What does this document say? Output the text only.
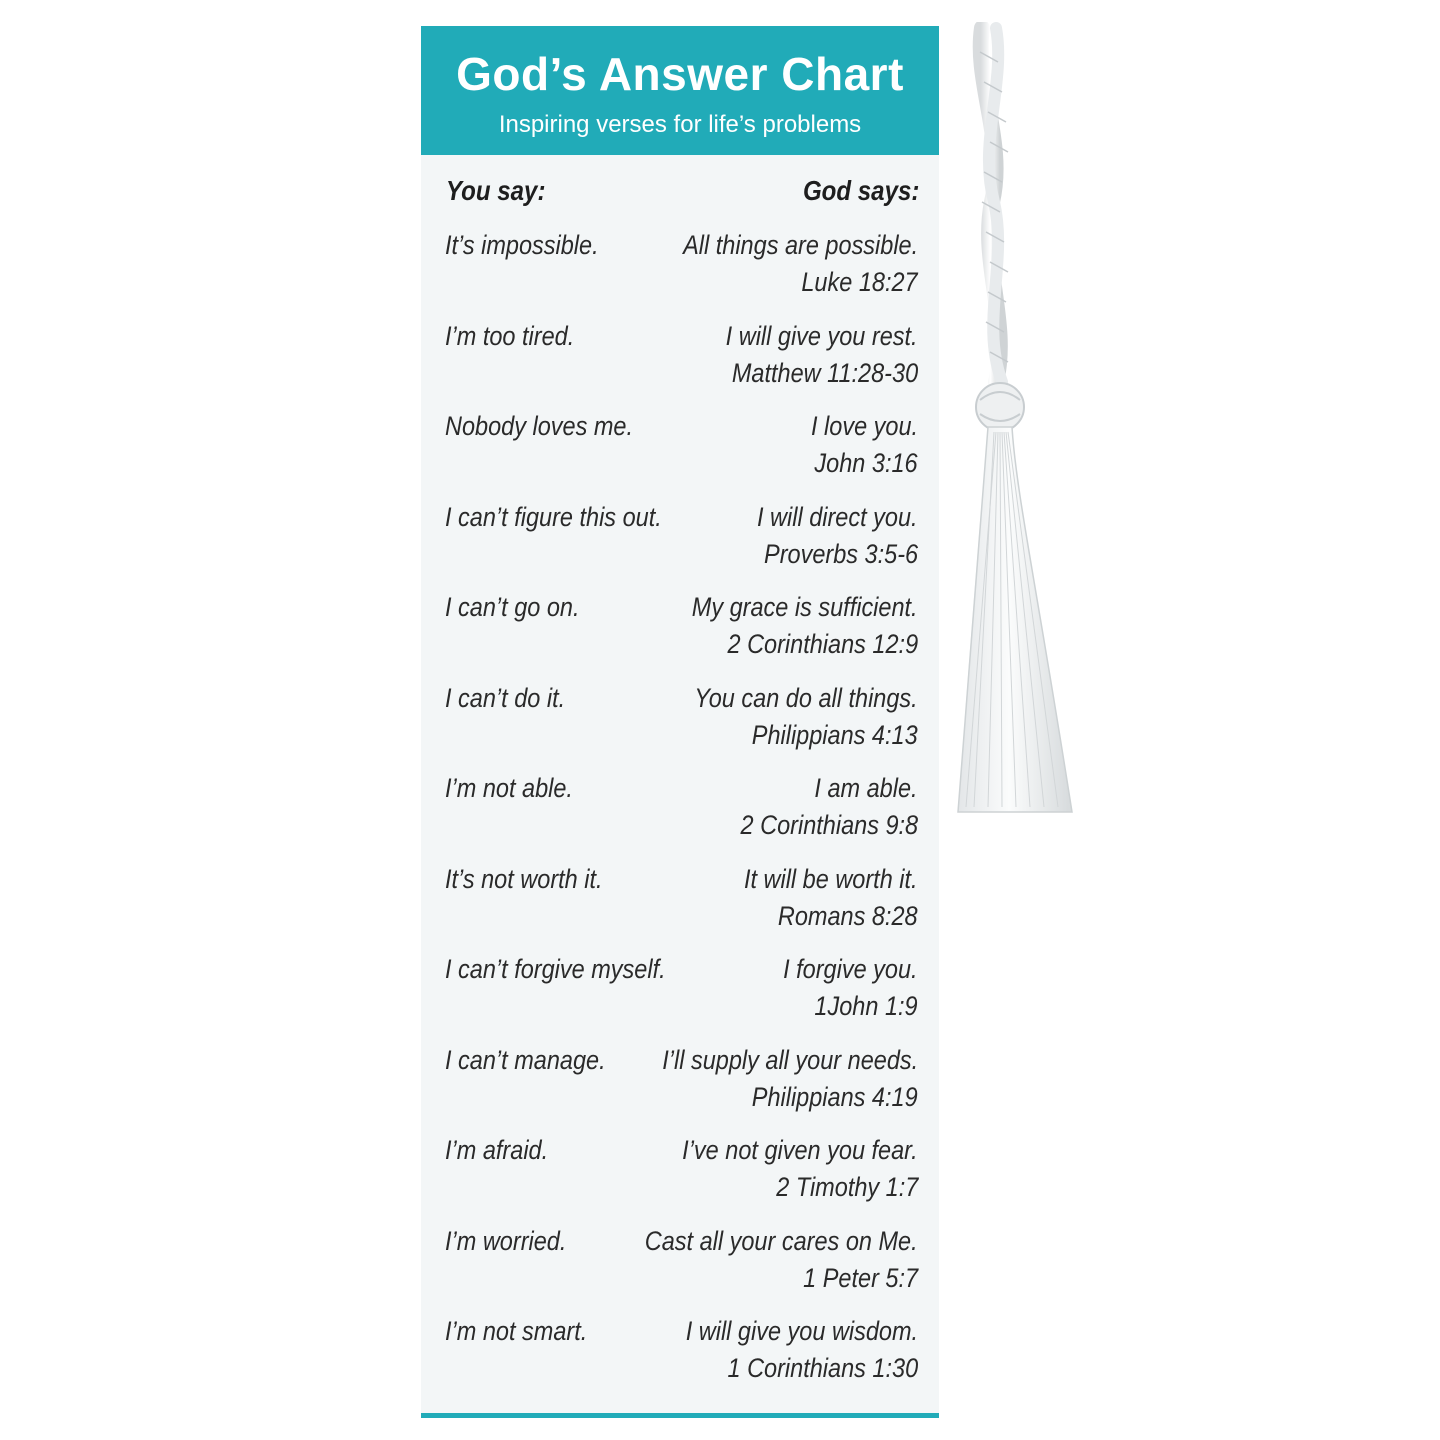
God’s Answer Chart
Inspiring verses for life’s problems
You say:	God says:
It’s impossible.	All things are possible.
Luke 18:27
I’m too tired.	I will give you rest.
Matthew 11:28-30
Nobody loves me.	I love you.
John 3:16
I can’t figure this out.	I will direct you.
Proverbs 3:5-6
I can’t go on.	My grace is sufficient.
2 Corinthians 12:9
I can’t do it.	You can do all things.
Philippians 4:13
I’m not able.	I am able.
2 Corinthians 9:8
It’s not worth it.	It will be worth it.
Romans 8:28
I can’t forgive myself.	I forgive you.
1John 1:9
I can’t manage. I’ll supply all your needs.
Philippians 4:19
I’m afraid.	I’ve not given you fear.
2 Timothy 1:7
I’m worried.	Cast all your cares on Me.
1 Peter 5:7
I’m not smart.	I will give you wisdom.
1 Corinthians 1:30
